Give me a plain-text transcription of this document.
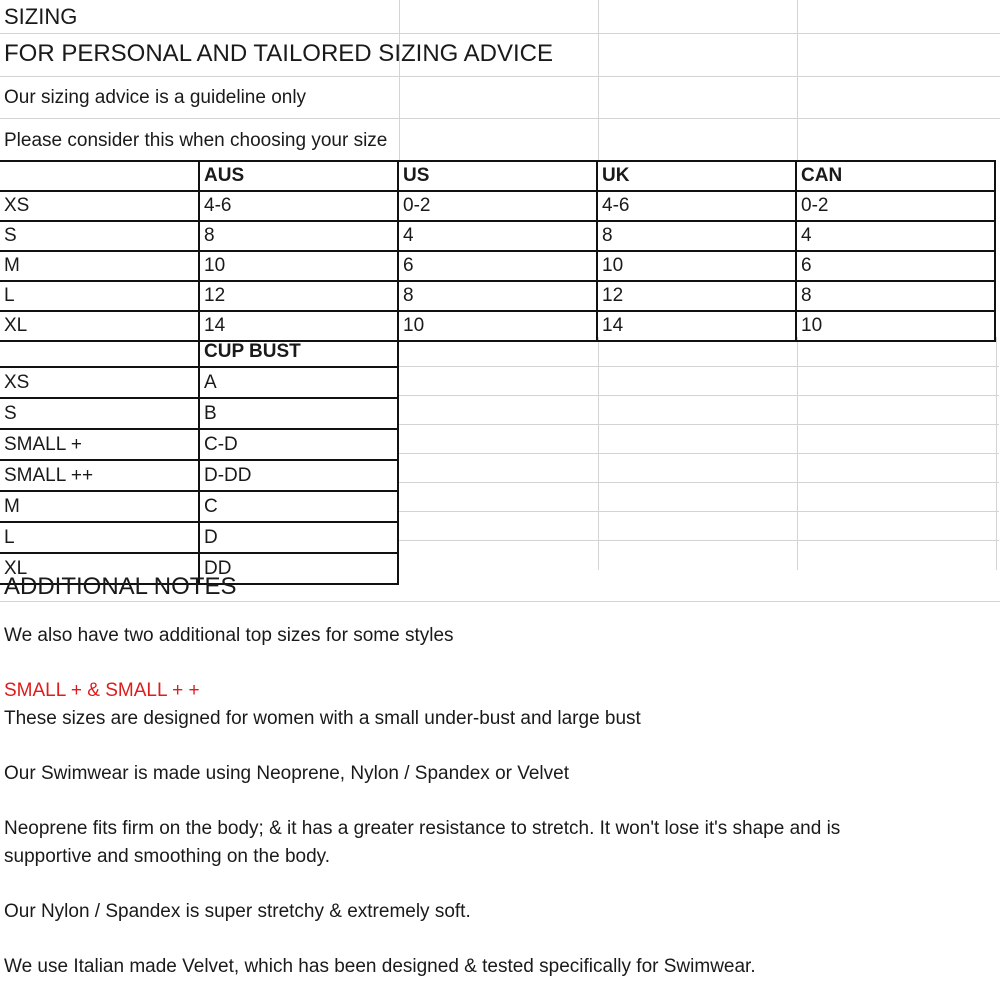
SIZING
FOR PERSONAL AND TAILORED SIZING ADVICE
Our sizing advice is a guideline only
Please consider this when choosing your size
	AUS	US	UK	CAN
XS	4-6	0-2	4-6	0-2
S	8	4	8	4
M	10	6	10	6
L	12	8	12	8
XL	14	10	14	10
	CUP BUST
XS	A
S	B
SMALL +	C-D
SMALL ++	D-DD
M	C
L	D
XL	DD
ADDITIONAL NOTES
We also have two additional top sizes for some styles
SMALL + & SMALL + +
These sizes are designed for women with a small under-bust and large bust
Our Swimwear is made using Neoprene, Nylon / Spandex or Velvet
Neoprene fits firm on the body; & it has a greater resistance to stretch. It won't lose it's shape and is
supportive and smoothing on the body.
Our Nylon / Spandex is super stretchy & extremely soft.
We use Italian made Velvet, which has been designed & tested specifically for Swimwear.
